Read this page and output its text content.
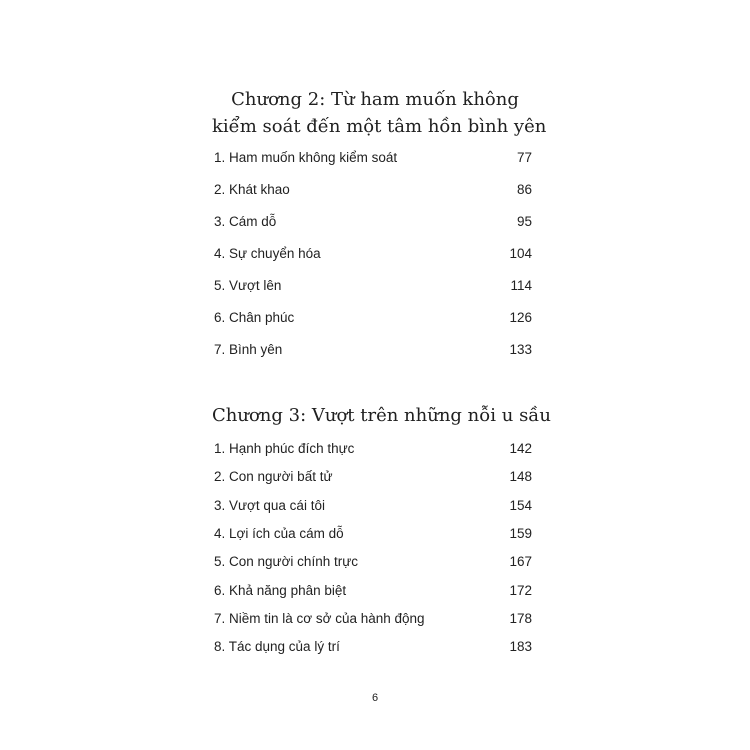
Chương 2: Từ ham muốn không
kiểm soát đến một tâm hồn bình yên
1. Ham muốn không kiểm soát	77
2. Khát khao	86
3. Cám dỗ	95
4. Sự chuyển hóa	104
5. Vượt lên	114
6. Chân phúc	126
7. Bình yên	133
Chương 3: Vượt trên những nỗi u sầu
1. Hạnh phúc đích thực	142
2. Con người bất tử	148
3. Vượt qua cái tôi	154
4. Lợi ích của cám dỗ	159
5. Con người chính trực	167
6. Khả năng phân biệt	172
7. Niềm tin là cơ sở của hành động	178
8. Tác dụng của lý trí	183
6
